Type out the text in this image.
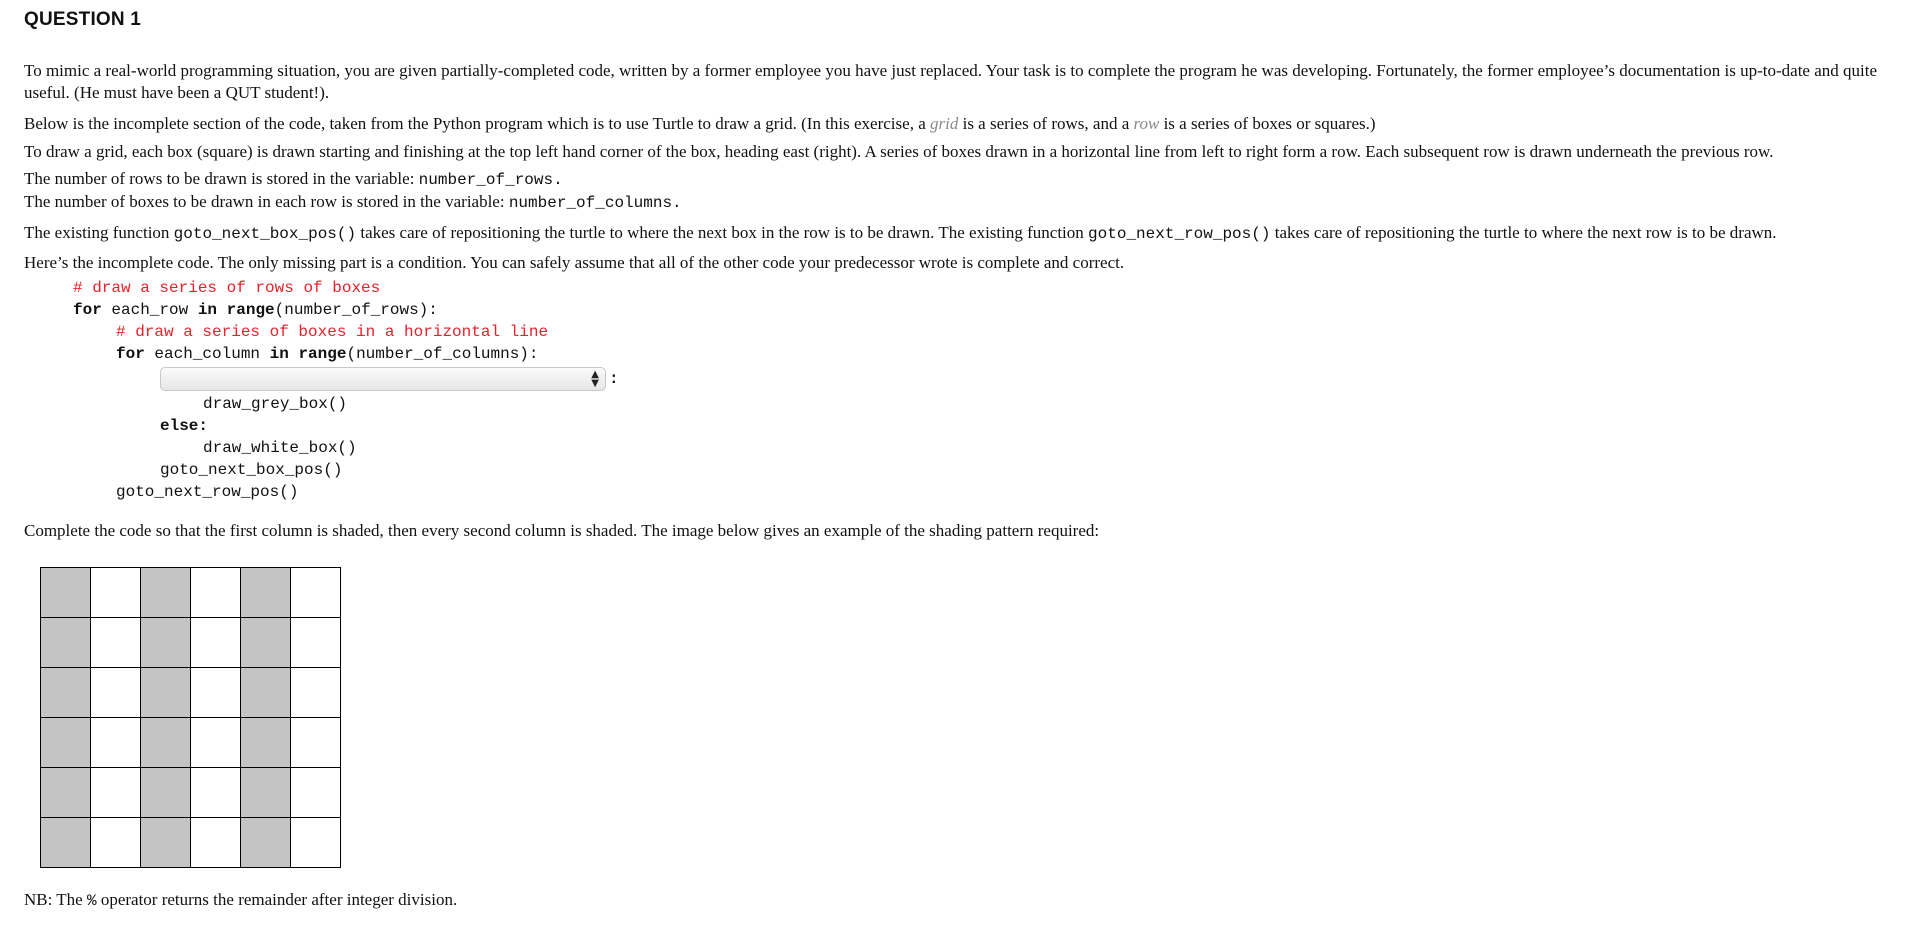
QUESTION 1

To mimic a real-world programming situation, you are given partially-completed code, written by a former employee you have just replaced. Your task is to complete the program he was developing. Fortunately, the former employee’s documentation is up-to-date and quite useful. (He must have been a QUT student!).

Below is the incomplete section of the code, taken from the Python program which is to use Turtle to draw a grid. (In this exercise, a grid is a series of rows, and a row is a series of boxes or squares.)

To draw a grid, each box (square) is drawn starting and finishing at the top left hand corner of the box, heading east (right). A series of boxes drawn in a horizontal line from left to right form a row. Each subsequent row is drawn underneath the previous row.

The number of rows to be drawn is stored in the variable: number_of_rows.
The number of boxes to be drawn in each row is stored in the variable: number_of_columns.

The existing function goto_next_box_pos() takes care of repositioning the turtle to where the next box in the row is to be drawn. The existing function goto_next_row_pos() takes care of repositioning the turtle to where the next row is to be drawn.

Here’s the incomplete code. The only missing part is a condition. You can safely assume that all of the other code your predecessor wrote is complete and correct.

# draw a series of rows of boxes
for each_row in range(number_of_rows):
# draw a series of boxes in a horizontal line
for each_column in range(number_of_columns):

▲
▼

:
draw_grey_box()
draw_white_box()
goto_next_box_pos()
goto_next_row_pos()

Complete the code so that the first column is shaded, then every second column is shaded. The image below gives an example of the shading pattern required:

NB: The % operator returns the remainder after integer division.
